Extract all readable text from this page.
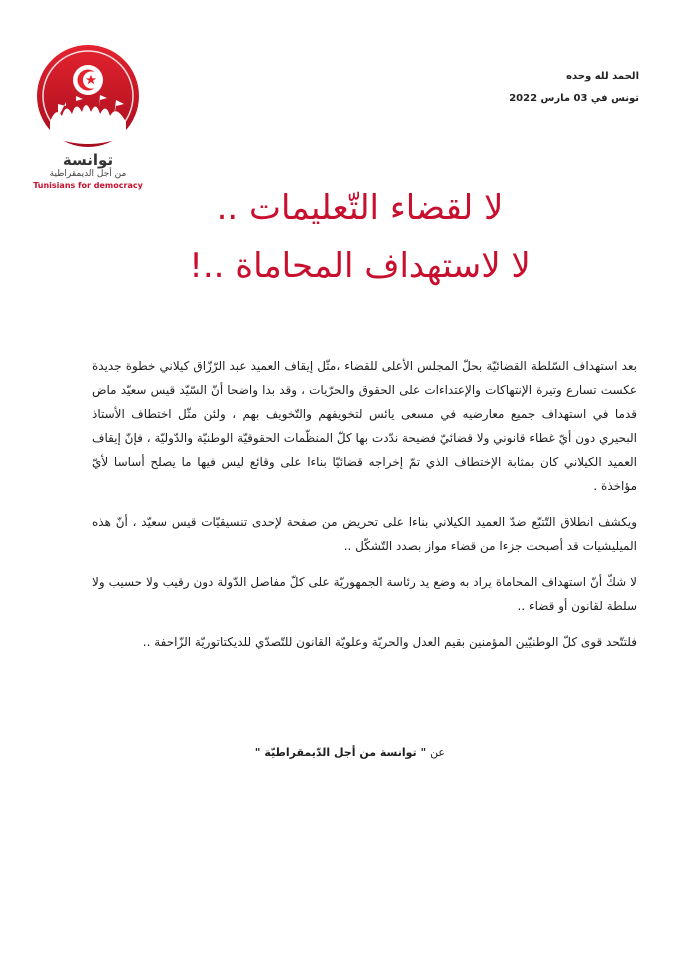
توانسة
من أجل الديمقراطية
Tunisians for democracy
الحمد لله وحده
تونس في 03 مارس 2022
لا لقضاء التّعليمات ..
لا لاستهداف المحاماة ..!

بعد استهداف السّلطة القضائيّة بحلّ المجلس الأعلى للقضاء ،مثّل إيقاف العميد عبد الرّزّاق كيلاني خطوة جديدة عكست تسارع وتيرة الإنتهاكات والإعتداءات على الحقوق والحرّيات ، وقد بدا واضحا أنّ السّيّد قيس سعيّد ماض قدما في استهداف جميع معارضيه في مسعى يائس لتخويفهم والتّخويف بهم ، ولئن مثّل اختطاف الأستاذ البحيري دون أيّ غطاء قانوني ولا قضائيّ فضيحة ندّدت بها كلّ المنظّمات الحقوقيّة الوطنيّة والدّوليّة ، فإنّ إيقاف العميد الكيلاني كان بمثابة الإختطاف الذي تمّ إخراجه قضائيّا بناءا على وقائع ليس فيها ما يصلح أساسا لأيّ مؤاخذة .

ويكشف انطلاق التّتبّع ضدّ العميد الكيلاني بناءا على تحريض من صفحة لإحدى تنسيقيّات قيس سعيّد ، أنّ هذه الميليشيات قد أصبحت جزءا من قضاء مواز بصدد التّشكّل ..

لا شكّ أنّ استهداف المحاماة يراد به وضع يد رئاسة الجمهوريّة على كلّ مفاصل الدّولة دون رقيب ولا حسيب ولا سلطة لقانون أو قضاء ..

فلتتّحد قوى كلّ الوطنيّين المؤمنين بقيم العدل والحريّة وعلويّة القانون للتّصدّي للديكتاتوريّة الزّاحفة ..

عن " توانسة من أجل الدّيمقراطيّة "
